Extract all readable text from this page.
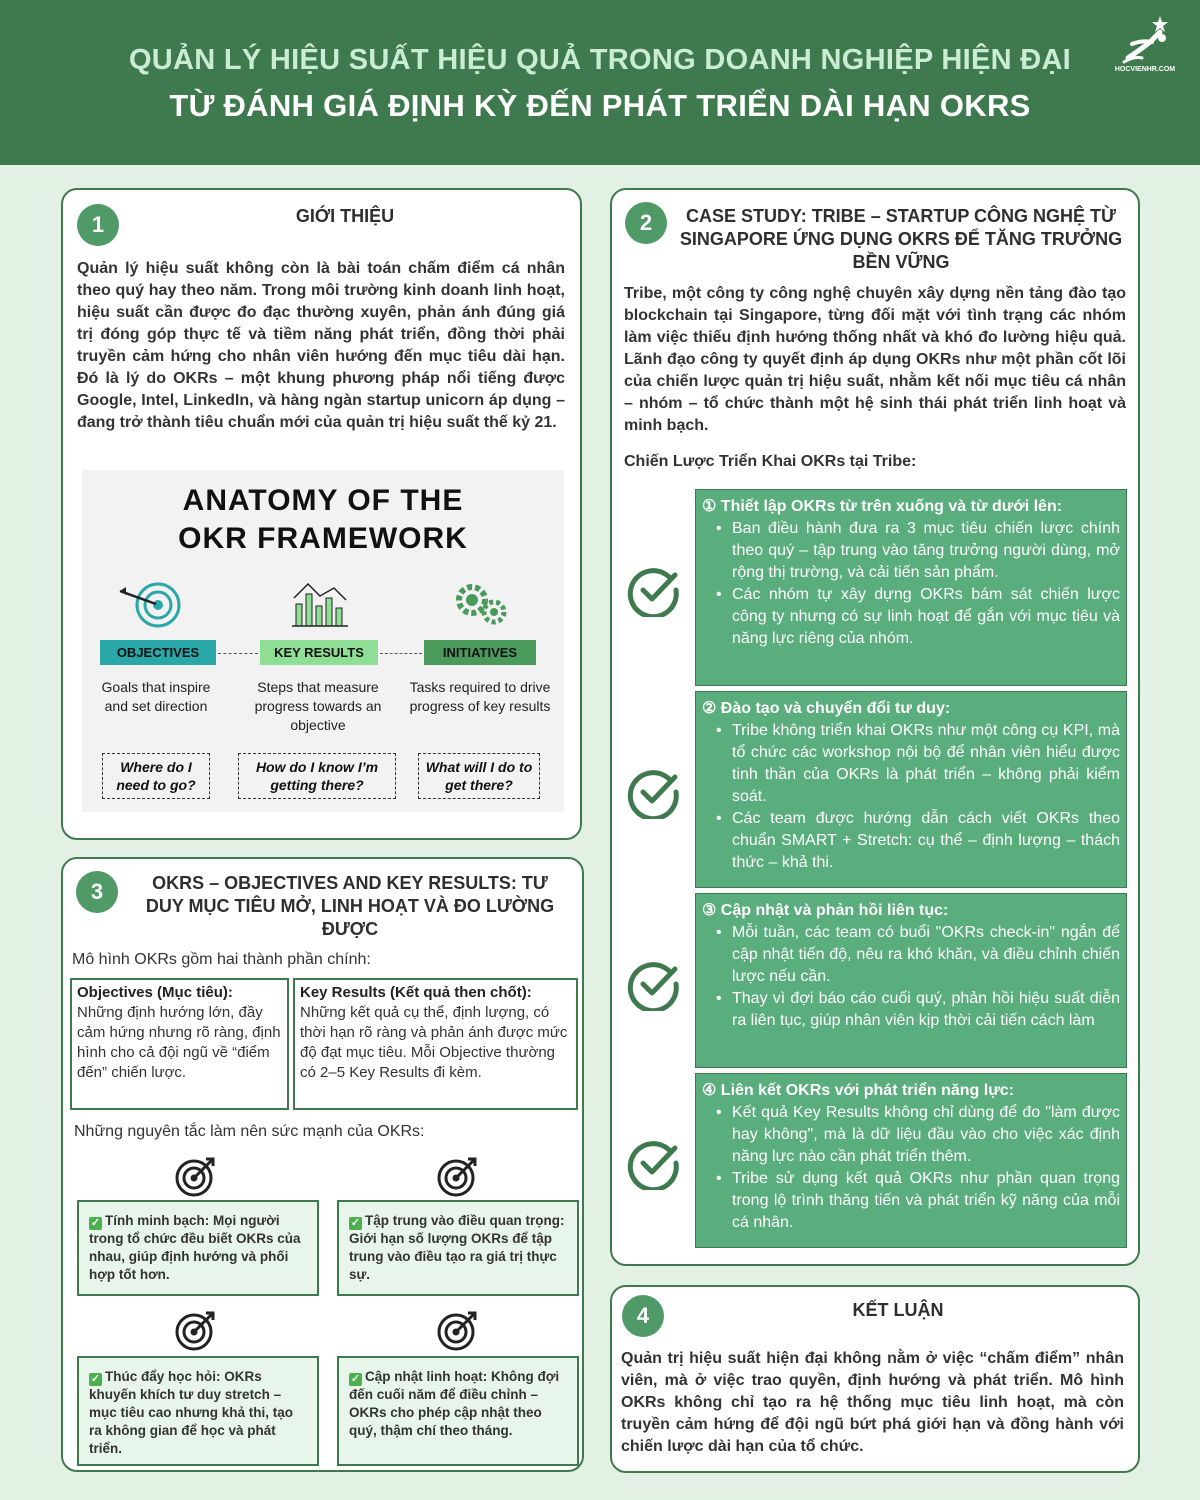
QUẢN LÝ HIỆU SUẤT HIỆU QUẢ TRONG DOANH NGHIỆP HIỆN ĐẠI
TỪ ĐÁNH GIÁ ĐỊNH KỲ ĐẾN PHÁT TRIỂN DÀI HẠN OKRS
HOCVIENHR.COM
1	GIỚI THIỆU
Quản lý hiệu suất không còn là bài toán chấm điểm cá nhân theo quý hay theo năm. Trong môi trường kinh doanh linh hoạt, hiệu suất cần được đo đạc thường xuyên, phản ánh đúng giá trị đóng góp thực tế và tiềm năng phát triển, đồng thời phải truyền cảm hứng cho nhân viên hướng đến mục tiêu dài hạn. Đó là lý do OKRs – một khung phương pháp nổi tiếng được Google, Intel, LinkedIn, và hàng ngàn startup unicorn áp dụng – đang trở thành tiêu chuẩn mới của quản trị hiệu suất thế kỷ 21.
ANATOMY OF THE
OKR FRAMEWORK
OBJECTIVES	KEY RESULTS	INITIATIVES
Goals that inspire and set direction
Steps that measure progress towards an objective
Tasks required to drive progress of key results
Where do I need to go?
How do I know I’m getting there?
What will I do to get there?
3	OKRS – OBJECTIVES AND KEY RESULTS: TƯ DUY MỤC TIÊU MỞ, LINH HOẠT VÀ ĐO LƯỜNG ĐƯỢC
Mô hình OKRs gồm hai thành phần chính:
Objectives (Mục tiêu):
Những định hướng lớn, đầy cảm hứng nhưng rõ ràng, định hình cho cả đội ngũ về “điểm đến” chiến lược.
Key Results (Kết quả then chốt):
Những kết quả cụ thể, định lượng, có thời hạn rõ ràng và phản ánh được mức độ đạt mục tiêu. Mỗi Objective thường có 2–5 Key Results đi kèm.
Những nguyên tắc làm nên sức mạnh của OKRs:
✓ Tính minh bạch: Mọi người trong tổ chức đều biết OKRs của nhau, giúp định hướng và phối hợp tốt hơn.
✓ Tập trung vào điều quan trọng: Giới hạn số lượng OKRs để tập trung vào điều tạo ra giá trị thực sự.
✓ Thúc đẩy học hỏi: OKRs khuyến khích tư duy stretch – mục tiêu cao nhưng khả thi, tạo ra không gian để học và phát triển.
✓ Cập nhật linh hoạt: Không đợi đến cuối năm để điều chỉnh – OKRs cho phép cập nhật theo quý, thậm chí theo tháng.
2	CASE STUDY: TRIBE – STARTUP CÔNG NGHỆ TỪ SINGAPORE ỨNG DỤNG OKRS ĐỂ TĂNG TRƯỞNG BỀN VỮNG
Tribe, một công ty công nghệ chuyên xây dựng nền tảng đào tạo blockchain tại Singapore, từng đối mặt với tình trạng các nhóm làm việc thiếu định hướng thống nhất và khó đo lường hiệu quả. Lãnh đạo công ty quyết định áp dụng OKRs như một phần cốt lõi của chiến lược quản trị hiệu suất, nhằm kết nối mục tiêu cá nhân – nhóm – tổ chức thành một hệ sinh thái phát triển linh hoạt và minh bạch.
Chiến Lược Triển Khai OKRs tại Tribe:
① Thiết lập OKRs từ trên xuống và từ dưới lên:
• Ban điều hành đưa ra 3 mục tiêu chiến lược chính theo quý – tập trung vào tăng trưởng người dùng, mở rộng thị trường, và cải tiến sản phẩm.
• Các nhóm tự xây dựng OKRs bám sát chiến lược công ty nhưng có sự linh hoạt để gắn với mục tiêu và năng lực riêng của nhóm.
② Đào tạo và chuyển đổi tư duy:
• Tribe không triển khai OKRs như một công cụ KPI, mà tổ chức các workshop nội bộ để nhân viên hiểu được tinh thần của OKRs là phát triển – không phải kiểm soát.
• Các team được hướng dẫn cách viết OKRs theo chuẩn SMART + Stretch: cụ thể – định lượng – thách thức – khả thi.
③ Cập nhật và phản hồi liên tục:
• Mỗi tuần, các team có buổi "OKRs check-in" ngắn để cập nhật tiến độ, nêu ra khó khăn, và điều chỉnh chiến lược nếu cần.
• Thay vì đợi báo cáo cuối quý, phản hồi hiệu suất diễn ra liên tục, giúp nhân viên kịp thời cải tiến cách làm
④ Liên kết OKRs với phát triển năng lực:
• Kết quả Key Results không chỉ dùng để đo "làm được hay không", mà là dữ liệu đầu vào cho việc xác định năng lực nào cần phát triển thêm.
• Tribe sử dụng kết quả OKRs như phần quan trọng trong lộ trình thăng tiến và phát triển kỹ năng của mỗi cá nhân.
4	KẾT LUẬN
Quản trị hiệu suất hiện đại không nằm ở việc “chấm điểm” nhân viên, mà ở việc trao quyền, định hướng và phát triển. Mô hình OKRs không chỉ tạo ra hệ thống mục tiêu linh hoạt, mà còn truyền cảm hứng để đội ngũ bứt phá giới hạn và đồng hành với chiến lược dài hạn của tổ chức.
